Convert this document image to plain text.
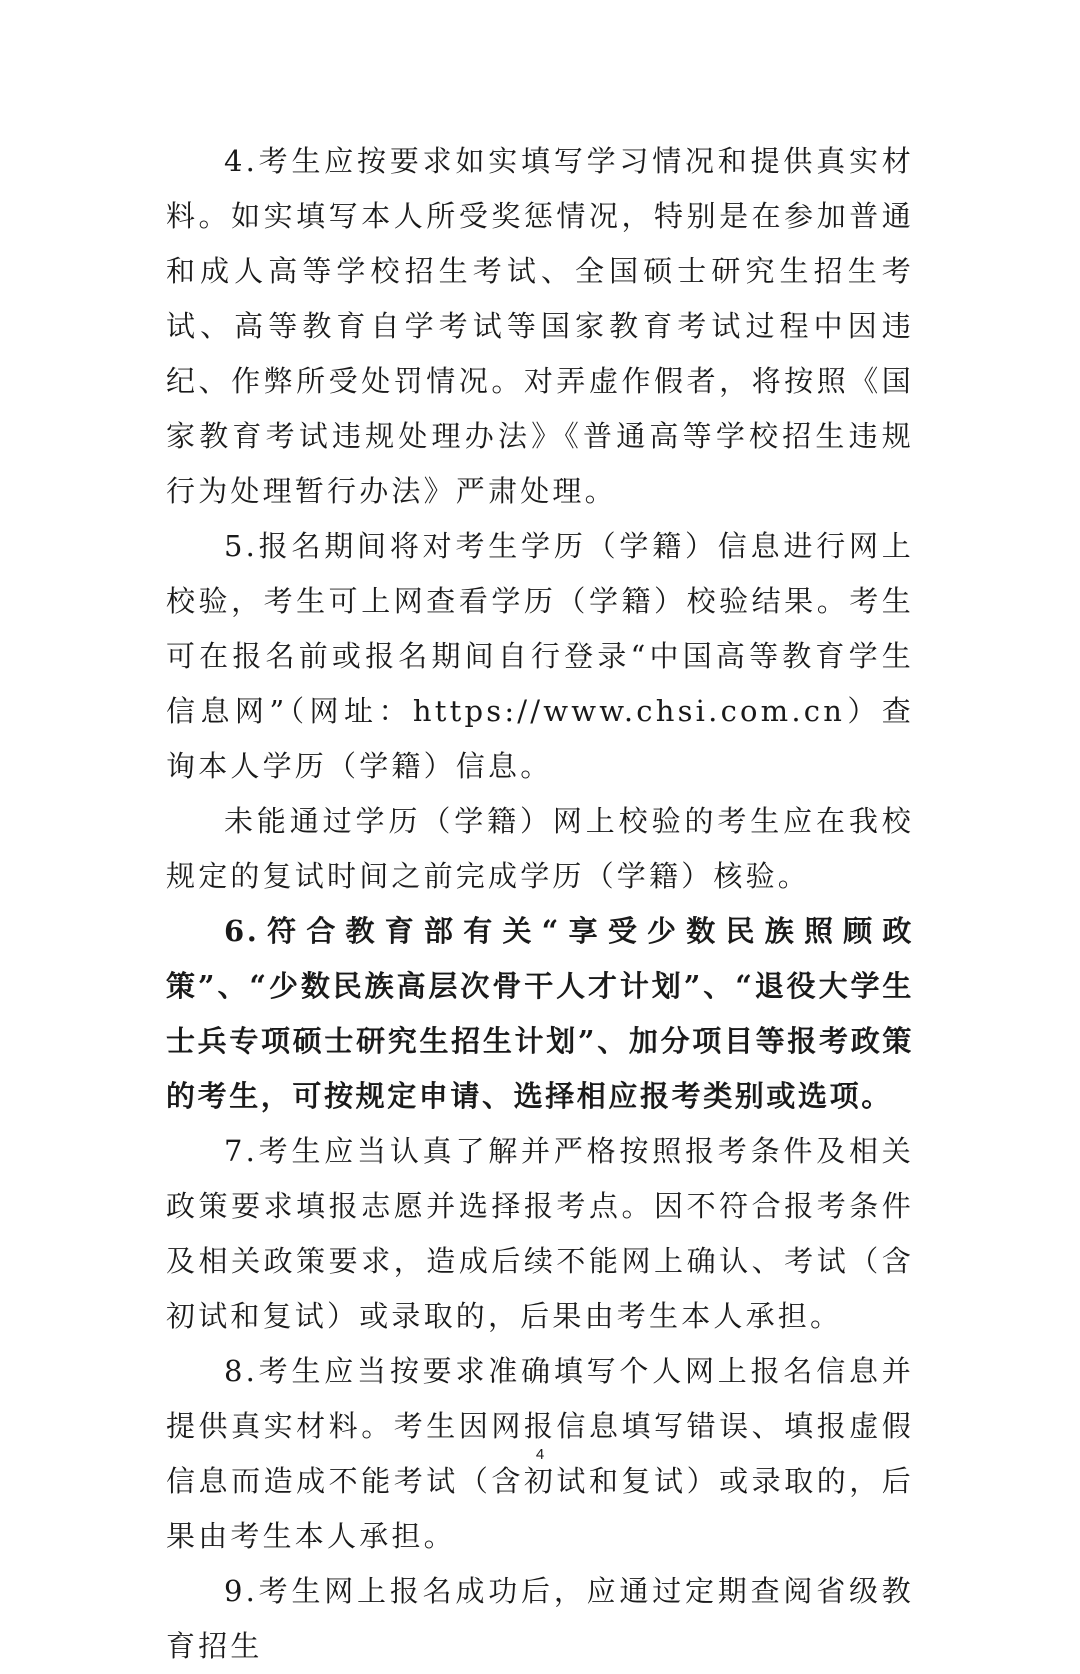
4.考生应按要求如实填写学习情况和提供真实材料。如实填写本人所受奖惩情况，特别是在参加普通和成人高等学校招生考试、全国硕士研究生招生考试、高等教育自学考试等国家教育考试过程中因违纪、作弊所受处罚情况。对弄虚作假者，将按照《国家教育考试违规处理办法》《普通高等学校招生违规行为处理暂行办法》严肃处理。

5.报名期间将对考生学历（学籍）信息进行网上校验，考生可上网查看学历（学籍）校验结果。考生可在报名前或报名期间自行登录“中国高等教育学生信息网”（网址：https://www.chsi.com.cn）查询本人学历（学籍）信息。

未能通过学历（学籍）网上校验的考生应在我校规定的复试时间之前完成学历（学籍）核验。

6.符合教育部有关“享受少数民族照顾政策”、“少数民族高层次骨干人才计划”、“退役大学生士兵专项硕士研究生招生计划”、加分项目等报考政策的考生，可按规定申请、选择相应报考类别或选项。

7.考生应当认真了解并严格按照报考条件及相关政策要求填报志愿并选择报考点。因不符合报考条件及相关政策要求，造成后续不能网上确认、考试（含初试和复试）或录取的，后果由考生本人承担。

8.考生应当按要求准确填写个人网上报名信息并提供真实材料。考生因网报信息填写错误、填报虚假信息而造成不能考试（含初试和复试）或录取的，后果由考生本人承担。

9.考生网上报名成功后，应通过定期查阅省级教育招生

4
